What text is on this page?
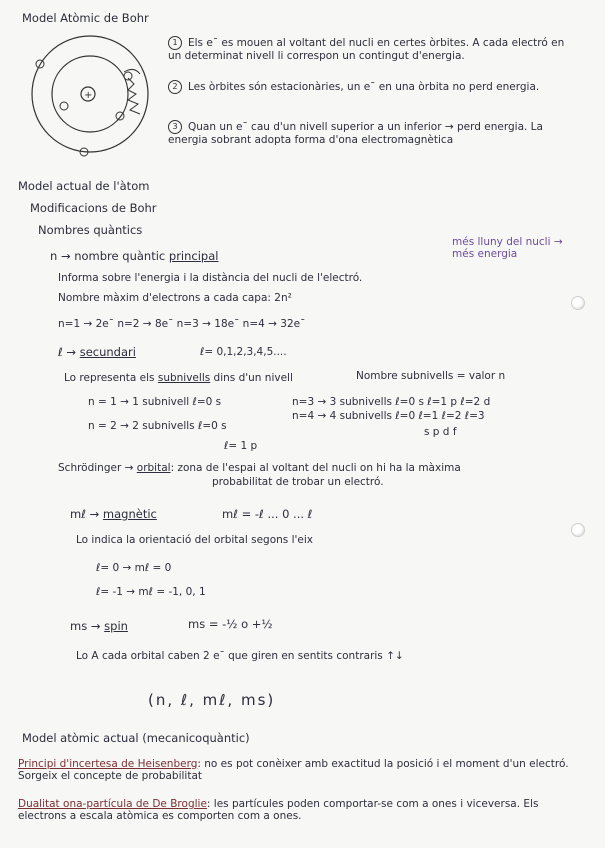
Model Atòmic de Bohr
+
1 Els e¯ es mouen al voltant del nucli en certes òrbites. A cada electró en un determinat nivell li correspon un contingut d'energia.
2 Les òrbites són estacionàries, un e¯ en una òrbita no perd energia.
3 Quan un e¯ cau d'un nivell superior a un inferior → perd energia. La energia sobrant adopta forma d'ona electromagnètica
Model actual de l'àtom
Modificacions de Bohr
Nombres quàntics
n → nombre quàntic principal
més lluny del nucli → més energia
Informa sobre l'energia i la distància del nucli de l'electró.
Nombre màxim d'electrons a cada capa: 2n²
n=1 → 2e¯ n=2 → 8e¯ n=3 → 18e¯ n=4 → 32e¯
ℓ → secundari	ℓ= 0,1,2,3,4,5....
Lo representa els subnivells dins d'un nivell	Nombre subnivells = valor n
n = 1 → 1 subnivell ℓ=0 s	n=3 → 3 subnivells ℓ=0 s ℓ=1 p ℓ=2 d
n = 2 → 2 subnivells ℓ=0 s
n=4 → 4 subnivells ℓ=0 ℓ=1 ℓ=2 ℓ=3
s p d f
ℓ= 1 p
Schrödinger → orbital: zona de l'espai al voltant del nucli on hi ha la màxima
probabilitat de trobar un electró.
mℓ → magnètic	mℓ = -ℓ ... 0 ... ℓ
Lo indica la orientació del orbital segons l'eix
ℓ= 0 → mℓ = 0
ℓ= -1 → mℓ = -1, 0, 1
ms → spin	ms = -½ o +½
Lo A cada orbital caben 2 e¯ que giren en sentits contraris ↑↓
(n, ℓ, mℓ, ms)
Model atòmic actual (mecanicoquàntic)
Principi d'incertesa de Heisenberg: no es pot conèixer amb exactitud la posició i el moment d'un electró. Sorgeix el concepte de probabilitat
Dualitat ona-partícula de De Broglie: les partícules poden comportar-se com a ones i viceversa. Els electrons a escala atòmica es comporten com a ones.
